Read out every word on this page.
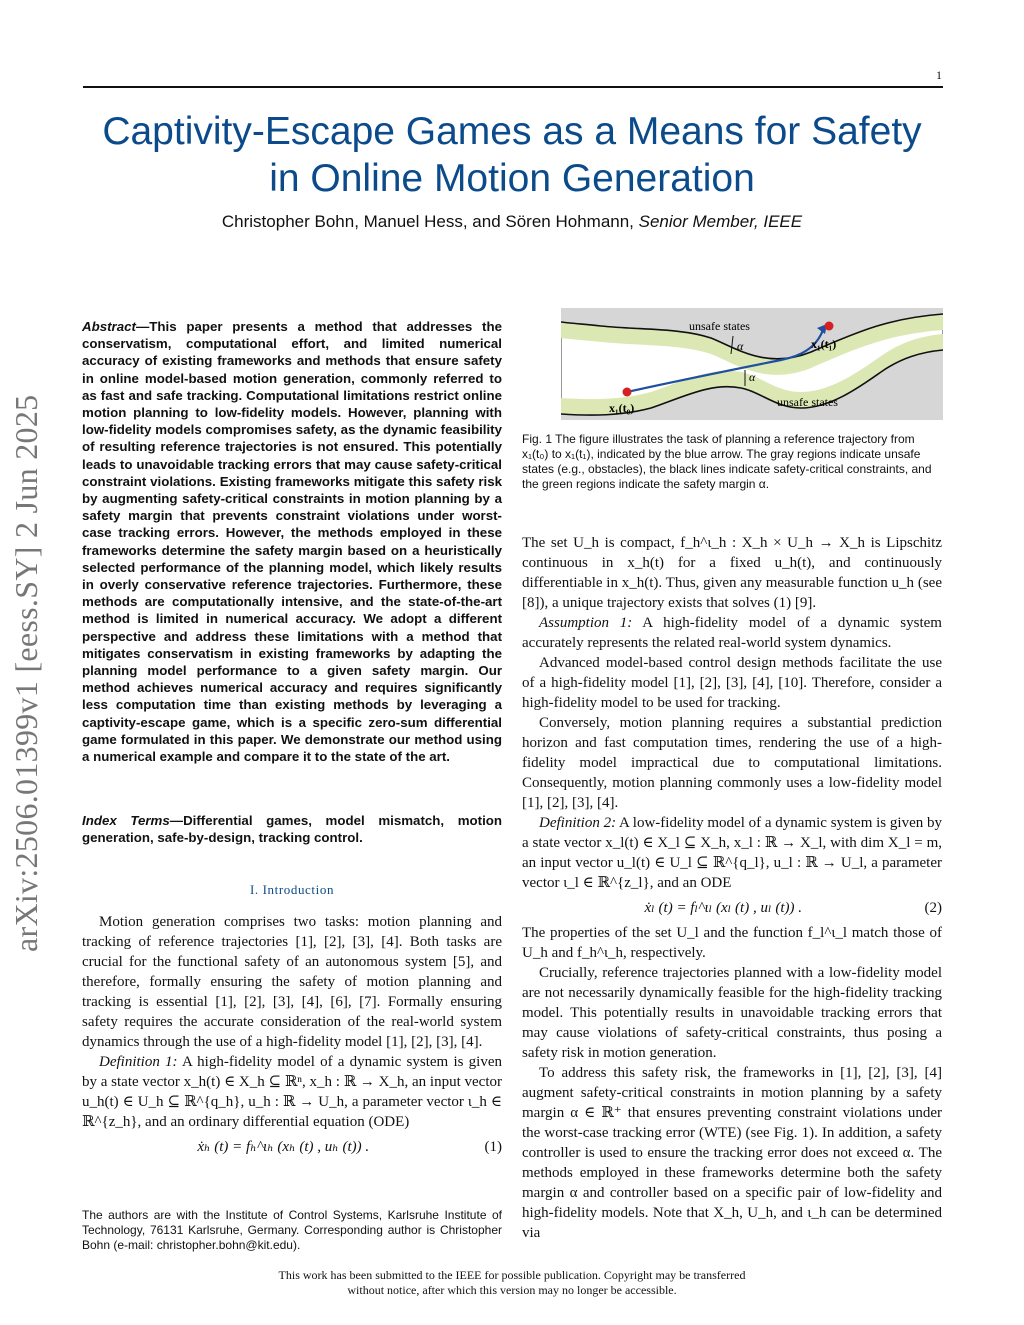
1
Captivity-Escape Games as a Means for Safety
in Online Motion Generation
Christopher Bohn, Manuel Hess, and Sören Hohmann, Senior Member, IEEE
arXiv:2506.01399v1 [eess.SY] 2 Jun 2025
Abstract—This paper presents a method that addresses the conservatism, computational effort, and limited numerical accuracy of existing frameworks and methods that ensure safety in online model-based motion generation, commonly referred to as fast and safe tracking. Computational limitations restrict online motion planning to low-fidelity models. However, planning with low-fidelity models compromises safety, as the dynamic feasibility of resulting reference trajectories is not ensured. This potentially leads to unavoidable tracking errors that may cause safety-critical constraint violations. Existing frameworks mitigate this safety risk by augmenting safety-critical constraints in motion planning by a safety margin that prevents constraint violations under worst-case tracking errors. However, the methods employed in these frameworks determine the safety margin based on a heuristically selected performance of the planning model, which likely results in overly conservative reference trajectories. Furthermore, these methods are computationally intensive, and the state-of-the-art method is limited in numerical accuracy. We adopt a different perspective and address these limitations with a method that mitigates conservatism in existing frameworks by adapting the planning model performance to a given safety margin. Our method achieves numerical accuracy and requires significantly less computation time than existing methods by leveraging a captivity-escape game, which is a specific zero-sum differential game formulated in this paper. We demonstrate our method using a numerical example and compare it to the state of the art.
Index Terms—Differential games, model mismatch, motion generation, safe-by-design, tracking control.
I. Introduction

Motion generation comprises two tasks: motion planning and tracking of reference trajectories [1], [2], [3], [4]. Both tasks are crucial for the functional safety of an autonomous system [5], and therefore, formally ensuring the safety of motion planning and tracking is essential [1], [2], [3], [4], [6], [7]. Formally ensuring safety requires the accurate consideration of the real-world system dynamics through the use of a high-fidelity model [1], [2], [3], [4].

Definition 1: A high-fidelity model of a dynamic system is given by a state vector x_h(t) ∈ X_h ⊆ ℝⁿ, x_h : ℝ → X_h, an input vector u_h(t) ∈ U_h ⊆ ℝ^{q_h}, u_h : ℝ → U_h, a parameter vector ι_h ∈ ℝ^{z_h}, and an ordinary differential equation (ODE)

ẋₕ (t) = fₕ^ιₕ (xₕ (t) , uₕ (t)) .	(1)
The authors are with the Institute of Control Systems, Karlsruhe Institute of Technology, 76131 Karlsruhe, Germany. Corresponding author is Christopher Bohn (e-mail: christopher.bohn@kit.edu).
unsafe states
unsafe states
α
α
x₁(t₀)
x₁(t₁)
Fig. 1 The figure illustrates the task of planning a reference trajectory from x₁(t₀) to x₁(t₁), indicated by the blue arrow. The gray regions indicate unsafe states (e.g., obstacles), the black lines indicate safety-critical constraints, and the green regions indicate the safety margin α.

The set U_h is compact, f_h^ι_h : X_h × U_h → X_h is Lipschitz continuous in x_h(t) for a fixed u_h(t), and continuously differentiable in x_h(t). Thus, given any measurable function u_h (see [8]), a unique trajectory exists that solves (1) [9].

Assumption 1: A high-fidelity model of a dynamic system accurately represents the related real-world system dynamics.

Advanced model-based control design methods facilitate the use of a high-fidelity model [1], [2], [3], [4], [10]. Therefore, consider a high-fidelity model to be used for tracking.

Conversely, motion planning requires a substantial prediction horizon and fast computation times, rendering the use of a high-fidelity model impractical due to computational limitations. Consequently, motion planning commonly uses a low-fidelity model [1], [2], [3], [4].

Definition 2: A low-fidelity model of a dynamic system is given by a state vector x_l(t) ∈ X_l ⊆ X_h, x_l : ℝ → X_l, with dim X_l = m, an input vector u_l(t) ∈ U_l ⊆ ℝ^{q_l}, u_l : ℝ → U_l, a parameter vector ι_l ∈ ℝ^{z_l}, and an ODE

ẋₗ (t) = fₗ^ιₗ (xₗ (t) , uₗ (t)) .	(2)

The properties of the set U_l and the function f_l^ι_l match those of U_h and f_h^ι_h, respectively.

Crucially, reference trajectories planned with a low-fidelity model are not necessarily dynamically feasible for the high-fidelity tracking model. This potentially results in unavoidable tracking errors that may cause violations of safety-critical constraints, thus posing a safety risk in motion generation.

To address this safety risk, the frameworks in [1], [2], [3], [4] augment safety-critical constraints in motion planning by a safety margin α ∈ ℝ⁺ that ensures preventing constraint violations under the worst-case tracking error (WTE) (see Fig. 1). In addition, a safety controller is used to ensure the tracking error does not exceed α. The methods employed in these frameworks determine both the safety margin α and controller based on a specific pair of low-fidelity and high-fidelity models. Note that X_h, U_h, and ι_h can be determined via

This work has been submitted to the IEEE for possible publication. Copyright may be transferred
without notice, after which this version may no longer be accessible.
